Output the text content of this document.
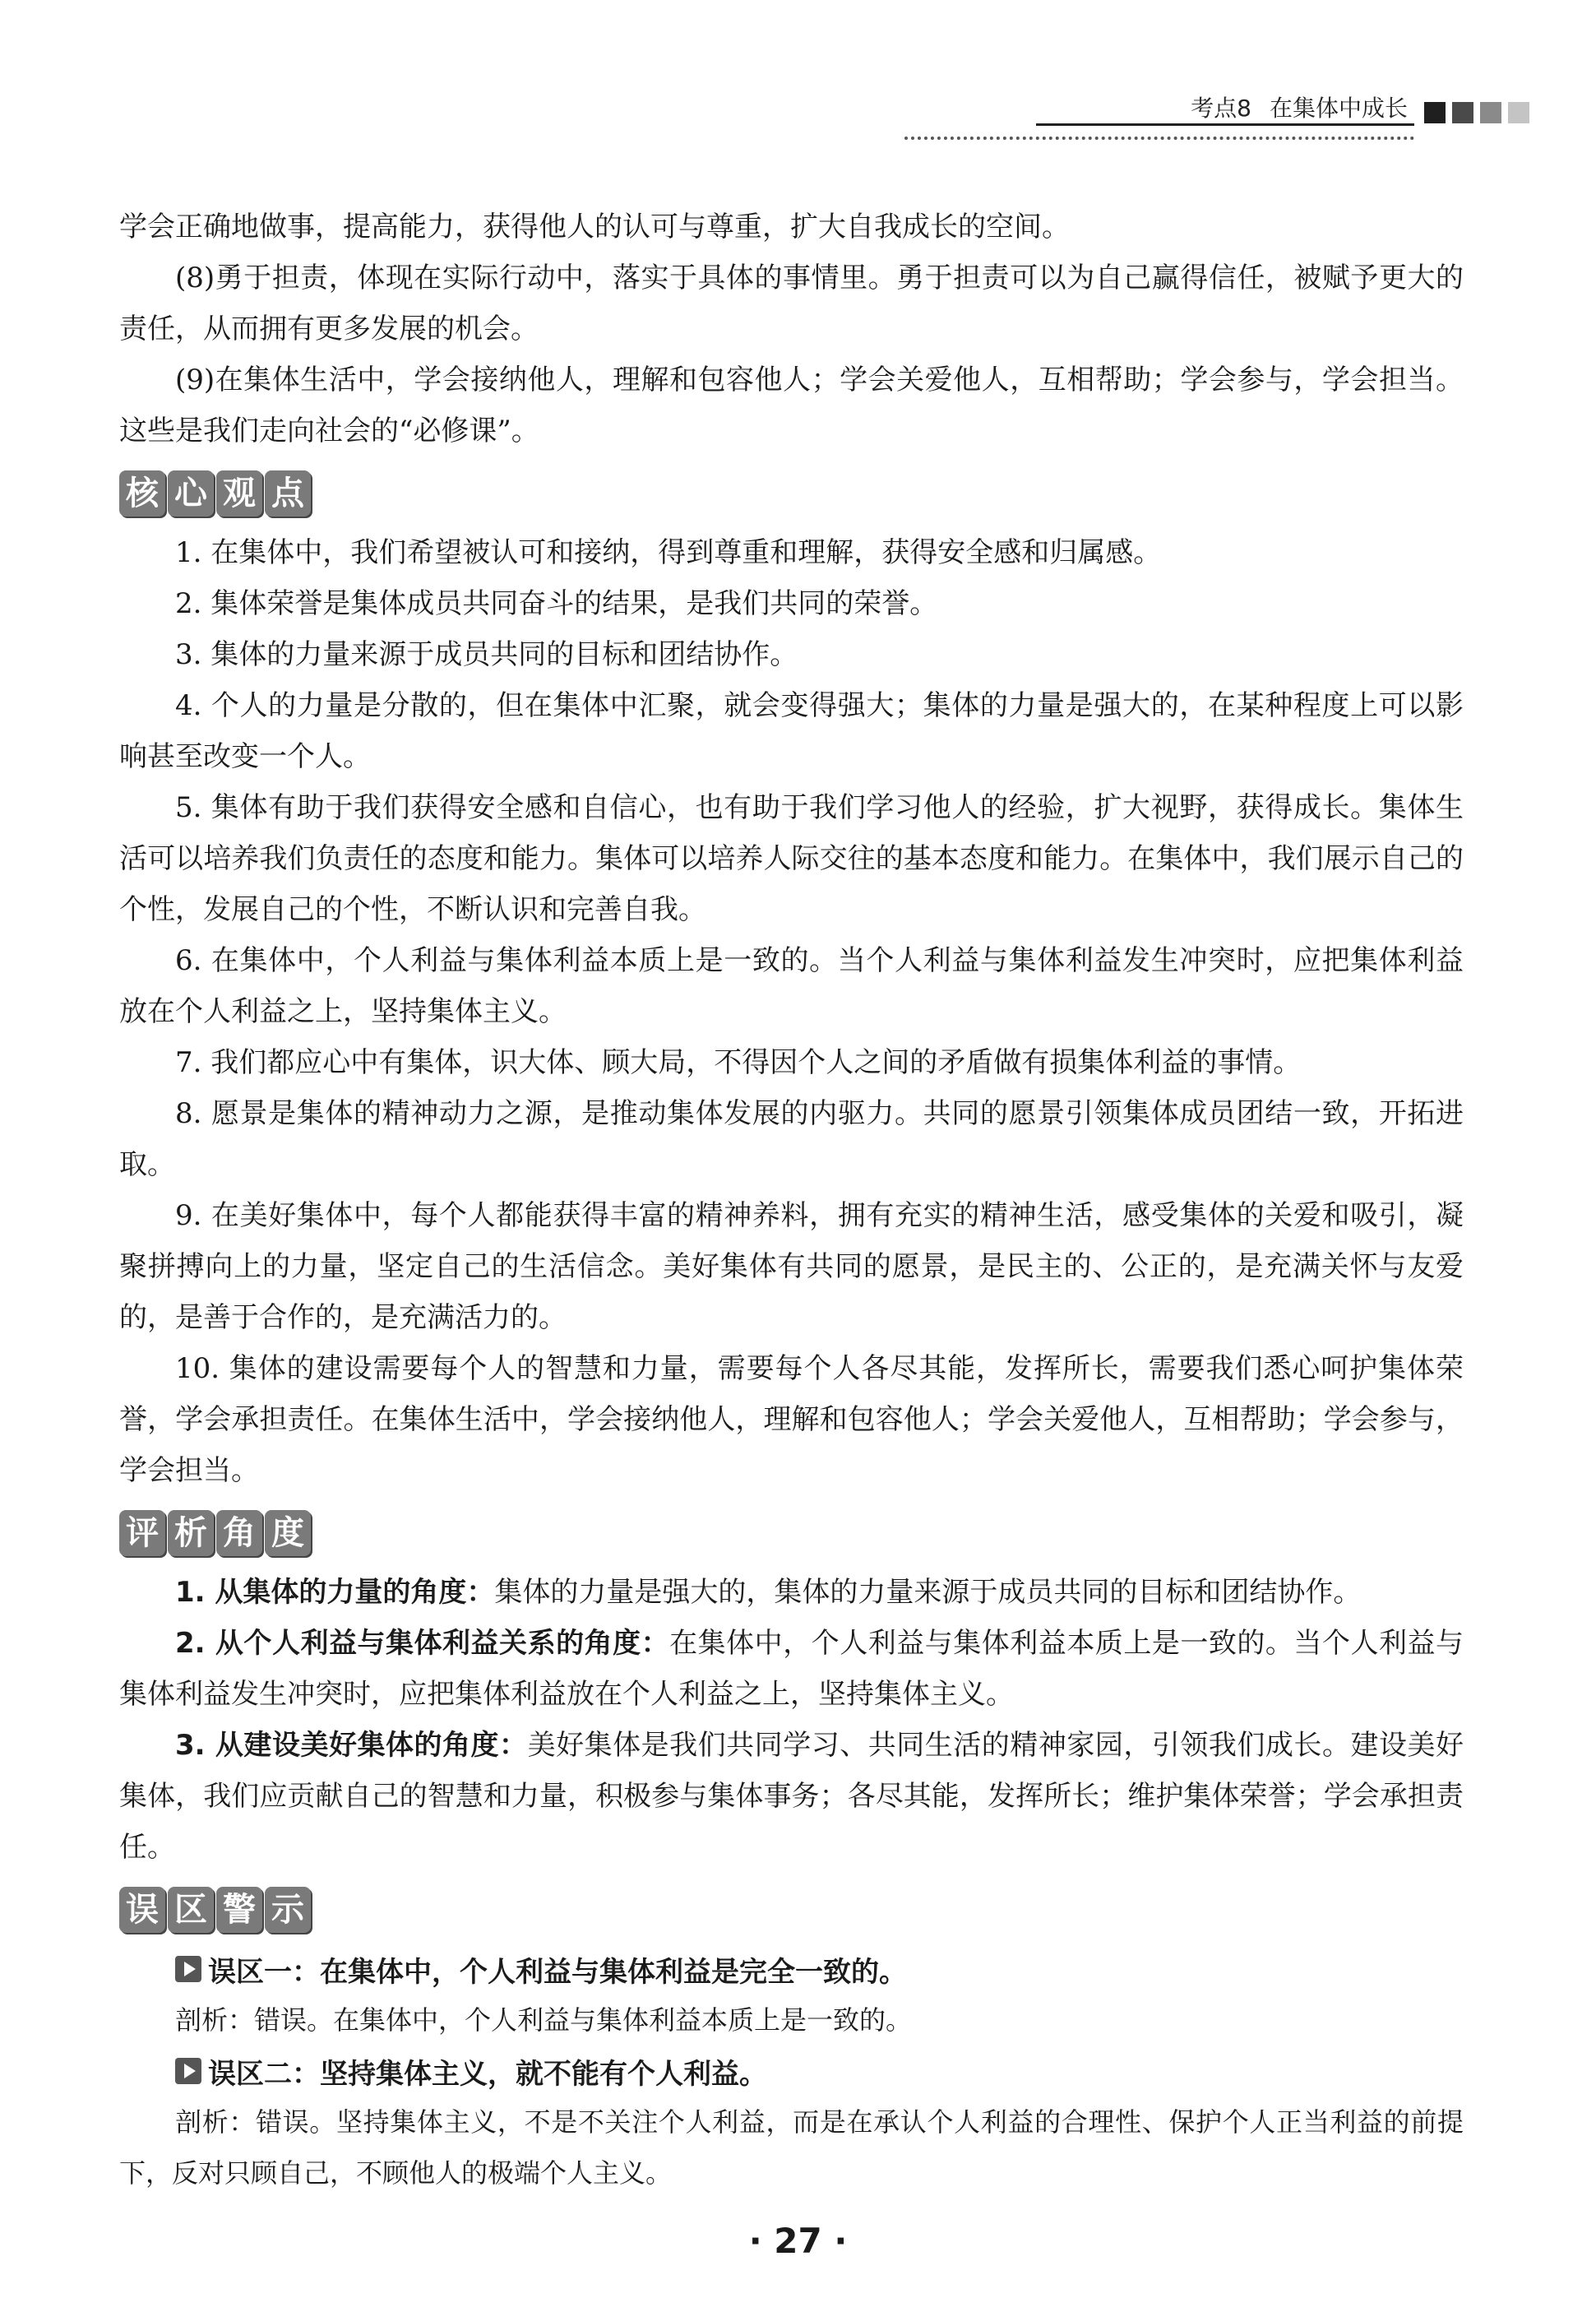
考点8 在集体中成长

学会正确地做事，提高能力，获得他人的认可与尊重，扩大自我成长的空间。

(8)勇于担责，体现在实际行动中，落实于具体的事情里。勇于担责可以为自己赢得信任，被赋予更大的责任，从而拥有更多发展的机会。

(9)在集体生活中，学会接纳他人，理解和包容他人；学会关爱他人，互相帮助；学会参与，学会担当。这些是我们走向社会的“必修课”。

核 心 观 点

1. 在集体中，我们希望被认可和接纳，得到尊重和理解，获得安全感和归属感。

2. 集体荣誉是集体成员共同奋斗的结果，是我们共同的荣誉。

3. 集体的力量来源于成员共同的目标和团结协作。

4. 个人的力量是分散的，但在集体中汇聚，就会变得强大；集体的力量是强大的，在某种程度上可以影响甚至改变一个人。

5. 集体有助于我们获得安全感和自信心，也有助于我们学习他人的经验，扩大视野，获得成长。集体生活可以培养我们负责任的态度和能力。集体可以培养人际交往的基本态度和能力。在集体中，我们展示自己的个性，发展自己的个性，不断认识和完善自我。

6. 在集体中，个人利益与集体利益本质上是一致的。当个人利益与集体利益发生冲突时，应把集体利益放在个人利益之上，坚持集体主义。

7. 我们都应心中有集体，识大体、顾大局，不得因个人之间的矛盾做有损集体利益的事情。

8. 愿景是集体的精神动力之源，是推动集体发展的内驱力。共同的愿景引领集体成员团结一致，开拓进取。

9. 在美好集体中，每个人都能获得丰富的精神养料，拥有充实的精神生活，感受集体的关爱和吸引，凝聚拼搏向上的力量，坚定自己的生活信念。美好集体有共同的愿景，是民主的、公正的，是充满关怀与友爱的，是善于合作的，是充满活力的。

10. 集体的建设需要每个人的智慧和力量，需要每个人各尽其能，发挥所长，需要我们悉心呵护集体荣誉，学会承担责任。在集体生活中，学会接纳他人，理解和包容他人；学会关爱他人，互相帮助；学会参与，学会担当。

评 析 角 度

1. 从集体的力量的角度：集体的力量是强大的，集体的力量来源于成员共同的目标和团结协作。

2. 从个人利益与集体利益关系的角度：在集体中，个人利益与集体利益本质上是一致的。当个人利益与集体利益发生冲突时，应把集体利益放在个人利益之上，坚持集体主义。

3. 从建设美好集体的角度：美好集体是我们共同学习、共同生活的精神家园，引领我们成长。建设美好集体，我们应贡献自己的智慧和力量，积极参与集体事务；各尽其能，发挥所长；维护集体荣誉；学会承担责任。

误 区 警 示
误区一：在集体中，个人利益与集体利益是完全一致的。

剖析：错误。在集体中，个人利益与集体利益本质上是一致的。

误区二：坚持集体主义，就不能有个人利益。

剖析：错误。坚持集体主义，不是不关注个人利益，而是在承认个人利益的合理性、保护个人正当利益的前提下，反对只顾自己，不顾他人的极端个人主义。

· 27 ·
